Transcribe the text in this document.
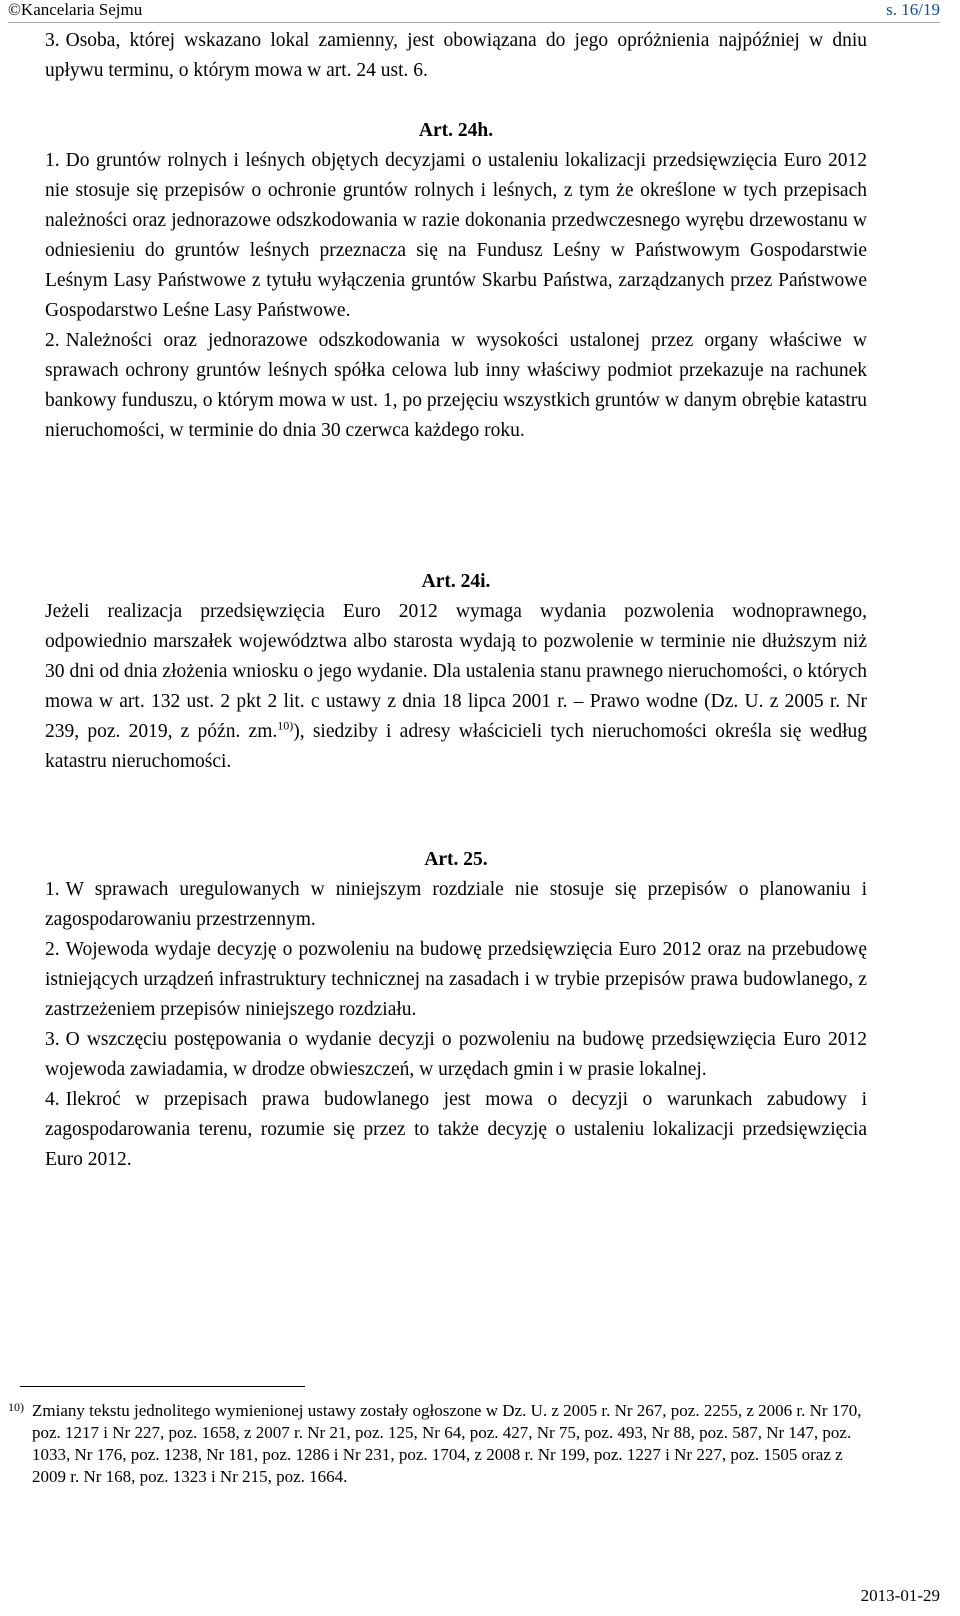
©Kancelaria Sejmu	s. 16/19

3. Osoba, której wskazano lokal zamienny, jest obowiązana do jego opróżnienia najpóźniej w dniu upływu terminu, o którym mowa w art. 24 ust. 6.

Art. 24h.

1. Do gruntów rolnych i leśnych objętych decyzjami o ustaleniu lokalizacji przedsięwzięcia Euro 2012 nie stosuje się przepisów o ochronie gruntów rolnych i leśnych, z tym że określone w tych przepisach należności oraz jednorazowe odszkodowania w razie dokonania przedwczesnego wyrębu drzewostanu w odniesieniu do gruntów leśnych przeznacza się na Fundusz Leśny w Państwowym Gospodarstwie Leśnym Lasy Państwowe z tytułu wyłączenia gruntów Skarbu Państwa, zarządzanych przez Państwowe Gospodarstwo Leśne Lasy Państwowe.

2. Należności oraz jednorazowe odszkodowania w wysokości ustalonej przez organy właściwe w sprawach ochrony gruntów leśnych spółka celowa lub inny właściwy podmiot przekazuje na rachunek bankowy funduszu, o którym mowa w ust. 1, po przejęciu wszystkich gruntów w danym obrębie katastru nieruchomości, w terminie do dnia 30 czerwca każdego roku.

Art. 24i.

Jeżeli realizacja przedsięwzięcia Euro 2012 wymaga wydania pozwolenia wodnoprawnego, odpowiednio marszałek województwa albo starosta wydają to pozwolenie w terminie nie dłuższym niż 30 dni od dnia złożenia wniosku o jego wydanie. Dla ustalenia stanu prawnego nieruchomości, o których mowa w art. 132 ust. 2 pkt 2 lit. c ustawy z dnia 18 lipca 2001 r. – Prawo wodne (Dz. U. z 2005 r. Nr 239, poz. 2019, z późn. zm.$^{10)}$), siedziby i adresy właścicieli tych nieruchomości określa się według katastru nieruchomości.

Art. 25.

1. W sprawach uregulowanych w niniejszym rozdziale nie stosuje się przepisów o planowaniu i zagospodarowaniu przestrzennym.

2. Wojewoda wydaje decyzję o pozwoleniu na budowę przedsięwzięcia Euro 2012 oraz na przebudowę istniejących urządzeń infrastruktury technicznej na zasadach i w trybie przepisów prawa budowlanego, z zastrzeżeniem przepisów niniejszego rozdziału.

3. O wszczęciu postępowania o wydanie decyzji o pozwoleniu na budowę przedsięwzięcia Euro 2012 wojewoda zawiadamia, w drodze obwieszczeń, w urzędach gmin i w prasie lokalnej.

4. Ilekroć w przepisach prawa budowlanego jest mowa o decyzji o warunkach zabudowy i zagospodarowania terenu, rozumie się przez to także decyzję o ustaleniu lokalizacji przedsięwzięcia Euro 2012.

10) Zmiany tekstu jednolitego wymienionej ustawy zostały ogłoszone w Dz. U. z 2005 r. Nr 267, poz. 2255, z 2006 r. Nr 170, poz. 1217 i Nr 227, poz. 1658, z 2007 r. Nr 21, poz. 125, Nr 64, poz. 427, Nr 75, poz. 493, Nr 88, poz. 587, Nr 147, poz. 1033, Nr 176, poz. 1238, Nr 181, poz. 1286 i Nr 231, poz. 1704, z 2008 r. Nr 199, poz. 1227 i Nr 227, poz. 1505 oraz z 2009 r. Nr 168, poz. 1323 i Nr 215, poz. 1664.
2013-01-29
